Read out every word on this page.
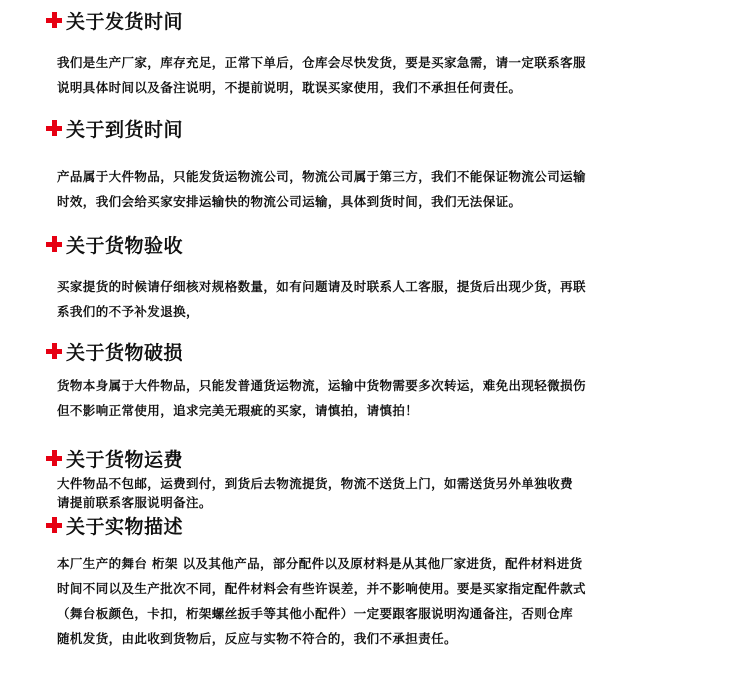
关于发货时间

我们是生产厂家，库存充足，正常下单后，仓库会尽快发货，要是买家急需，请一定联系客服
说明具体时间以及备注说明，不提前说明，耽误买家使用，我们不承担任何责任。

关于到货时间

产品属于大件物品，只能发货运物流公司，物流公司属于第三方，我们不能保证物流公司运输
时效，我们会给买家安排运输快的物流公司运输，具体到货时间，我们无法保证。

关于货物验收

买家提货的时候请仔细核对规格数量，如有问题请及时联系人工客服，提货后出现少货，再联
系我们的不予补发退换，

关于货物破损

货物本身属于大件物品，只能发普通货运物流，运输中货物需要多次转运，难免出现轻微损伤
但不影响正常使用，追求完美无瑕疵的买家，请慎拍，请慎拍！

关于货物运费

大件物品不包邮，运费到付，到货后去物流提货，物流不送货上门，如需送货另外单独收费
请提前联系客服说明备注。

关于实物描述

本厂生产的舞台 桁架 以及其他产品，部分配件以及原材料是从其他厂家进货，配件材料进货
时间不同以及生产批次不同，配件材料会有些许误差，并不影响使用。要是买家指定配件款式
（舞台板颜色，卡扣，桁架螺丝扳手等其他小配件）一定要跟客服说明沟通备注，否则仓库
随机发货，由此收到货物后，反应与实物不符合的，我们不承担责任。
